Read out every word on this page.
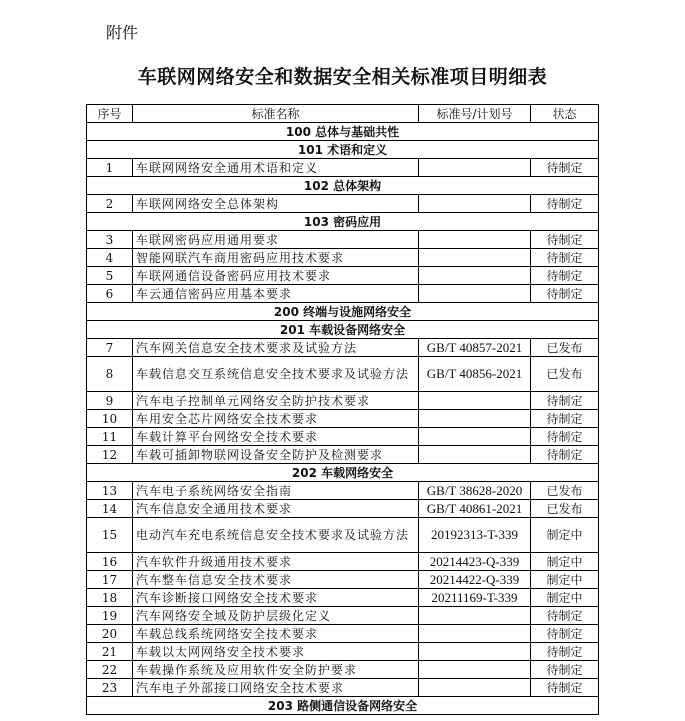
附件
车联网网络安全和数据安全相关标准项目明细表
序号	标准名称	标准号/计划号	状态
100 总体与基础共性			
101 术语和定义			
1	车联网网络安全通用术语和定义		待制定
102 总体架构			
2	车联网网络安全总体架构		待制定
103 密码应用			
3	车联网密码应用通用要求		待制定
4	智能网联汽车商用密码应用技术要求		待制定
5	车联网通信设备密码应用技术要求		待制定
6	车云通信密码应用基本要求		待制定
200 终端与设施网络安全			
201 车载设备网络安全			
7	汽车网关信息安全技术要求及试验方法	GB/T 40857-2021	已发布
8	车载信息交互系统信息安全技术要求及试验方法	GB/T 40856-2021	已发布
9	汽车电子控制单元网络安全防护技术要求		待制定
10	车用安全芯片网络安全技术要求		待制定
11	车载计算平台网络安全技术要求		待制定
12	车载可插卸物联网设备安全防护及检测要求		待制定
202 车载网络安全			
13	汽车电子系统网络安全指南	GB/T 38628-2020	已发布
14	汽车信息安全通用技术要求	GB/T 40861-2021	已发布
15	电动汽车充电系统信息安全技术要求及试验方法	20192313-T-339	制定中
16	汽车软件升级通用技术要求	20214423-Q-339	制定中
17	汽车整车信息安全技术要求	20214422-Q-339	制定中
18	汽车诊断接口网络安全技术要求	20211169-T-339	制定中
19	汽车网络安全域及防护层级化定义		待制定
20	车载总线系统网络安全技术要求		待制定
21	车载以太网网络安全技术要求		待制定
22	车载操作系统及应用软件安全防护要求		待制定
23	汽车电子外部接口网络安全技术要求		待制定
203 路侧通信设备网络安全			
